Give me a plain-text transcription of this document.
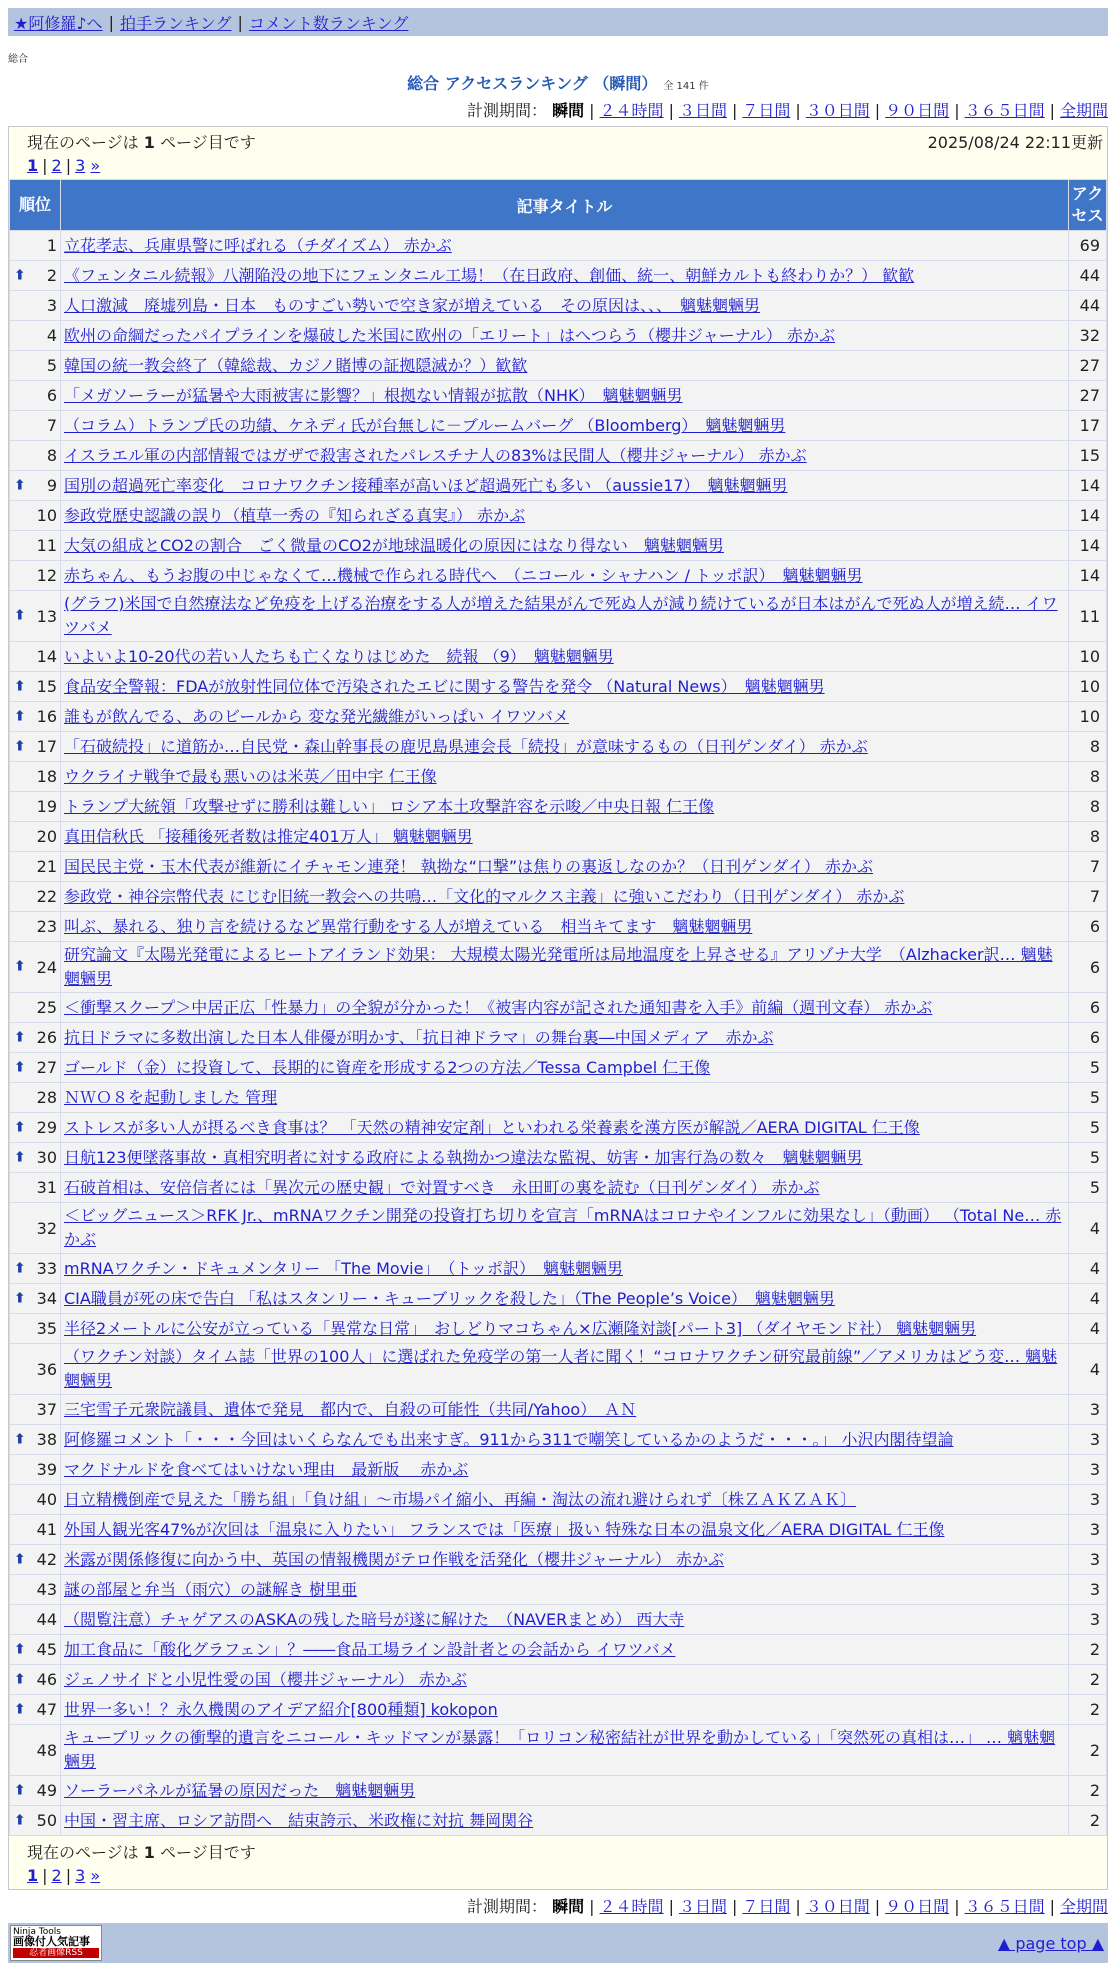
★阿修羅♪へ | 拍手ランキング | コメント数ランキング
総合
総合 アクセスランキング （瞬間） 全 141 件
計測期間： 瞬間 | ２４時間 | ３日間 | ７日間 | ３０日間 | ９０日間 | ３６５日間 | 全期間
現在のページは 1 ページ目です	2025/08/24 22:11更新
1 | 2 | 3 »
順位	記事タイトル	アクセス
1	立花孝志、兵庫県警に呼ばれる（チダイズム） 赤かぶ	69

⬆ 2	《フェンタニル続報》八潮陥没の地下にフェンタニル工場！（在日政府、創価、統一、朝鮮カルトも終わりか？） 歓歓	44
3	人口激減　廃墟列島・日本　ものすごい勢いで空き家が増えている　その原因は、、、　魑魅魍魎男	44
4	欧州の命綱だったパイプラインを爆破した米国に欧州の「エリート」はへつらう（櫻井ジャーナル） 赤かぶ	32
5	韓国の統一教会終了（韓総裁、カジノ賭博の証拠隠滅か？）歓歓	27
6	「メガソーラーが猛暑や大雨被害に影響？」根拠ない情報が拡散（NHK）　魑魅魍魎男	27
7	（コラム）トランプ氏の功績、ケネディ氏が台無しに－ブルームバーグ （Bloomberg）　魑魅魍魎男	17
8	イスラエル軍の内部情報ではガザで殺害されたパレスチナ人の83%は民間人（櫻井ジャーナル） 赤かぶ	15

⬆ 9	国別の超過死亡率変化　コロナワクチン接種率が高いほど超過死亡も多い （aussie17）　魑魅魍魎男	14
10	参政党歴史認識の誤り（植草一秀の『知られざる真実』） 赤かぶ	14
11	大気の組成とCO2の割合　ごく微量のCO2が地球温暖化の原因にはなり得ない　魑魅魍魎男	14
12	赤ちゃん、もうお腹の中じゃなくて…機械で作られる時代へ　（ニコール・シャナハン / トッポ訳）　魑魅魍魎男	14

⬆ 13	(グラフ)米国で自然療法など免疫を上げる治療をする人が増えた結果がんで死ぬ人が減り続けているが日本はがんで死ぬ人が増え続… イワツバメ	11
14	いよいよ10-20代の若い人たちも亡くなりはじめた　続報 （9）　魑魅魍魎男	10

⬆ 15	食品安全警報：FDAが放射性同位体で汚染されたエビに関する警告を発令 （Natural News）　魑魅魍魎男	10

⬆ 16	誰もが飲んでる、あのビールから 変な発光繊維がいっぱい イワツバメ	10

⬆ 17	「石破続投」に道筋か…自民党・森山幹事長の鹿児島県連会長「続投」が意味するもの（日刊ゲンダイ） 赤かぶ	8
18	ウクライナ戦争で最も悪いのは米英／田中宇 仁王像	8
19	トランプ大統領「攻撃せずに勝利は難しい」 ロシア本土攻撃許容を示唆／中央日報 仁王像	8
20	真田信秋氏 「接種後死者数は推定401万人」 魑魅魍魎男	8
21	国民民主党・玉木代表が維新にイチャモン連発！ 執拗な“口撃”は焦りの裏返しなのか？（日刊ゲンダイ） 赤かぶ	7
22	参政党・神谷宗幣代表 にじむ旧統一教会への共鳴…「文化的マルクス主義」に強いこだわり（日刊ゲンダイ） 赤かぶ	7
23	叫ぶ、暴れる、独り言を続けるなど異常行動をする人が増えている　相当キてます　魑魅魍魎男	6

⬆ 24	研究論文『太陽光発電によるヒートアイランド効果： 大規模太陽光発電所は局地温度を上昇させる』アリゾナ大学　（Alzhacker訳… 魑魅魍魎男	6
25	＜衝撃スクープ＞中居正広「性暴力」の全貌が分かった！《被害内容が記された通知書を入手》前編（週刊文春） 赤かぶ	6

⬆ 26	抗日ドラマに多数出演した日本人俳優が明かす、「抗日神ドラマ」の舞台裏―中国メディア　赤かぶ	6

⬆ 27	ゴールド（金）に投資して、長期的に資産を形成する2つの方法／Tessa Campbel 仁王像	5
28	ＮＷＯ８を起動しました 管理	5

⬆ 29	ストレスが多い人が摂るべき食事は？ 「天然の精神安定剤」といわれる栄養素を漢方医が解説／AERA DIGITAL 仁王像	5

⬆ 30	日航123便墜落事故・真相究明者に対する政府による執拗かつ違法な監視、妨害・加害行為の数々　魑魅魍魎男	5
31	石破首相は、安倍信者には「異次元の歴史観」で対置すべき　永田町の裏を読む（日刊ゲンダイ） 赤かぶ	5
32	＜ビッグニュース＞RFK Jr.、mRNAワクチン開発の投資打ち切りを宣言「mRNAはコロナやインフルに効果なし」（動画） （Total Ne… 赤かぶ	4

⬆ 33	mRNAワクチン・ドキュメンタリー 「The Movie」　（トッポ訳）　魑魅魍魎男	4

⬆ 34	CIA職員が死の床で告白 「私はスタンリー・キューブリックを殺した」（The People’s Voice）　魑魅魍魎男	4
35	半径2メートルに公安が立っている「異常な日常」　おしどりマコちゃん×広瀬隆対談[パート3] （ダイヤモンド社） 魑魅魍魎男	4
36	（ワクチン対談）タイム誌「世界の100人」に選ばれた免疫学の第一人者に聞く！“コロナワクチン研究最前線”／アメリカはどう変… 魑魅魍魎男	4
37	三宅雪子元衆院議員、遺体で発見　都内で、自殺の可能性（共同/Yahoo）　ＡＮ	3

⬆ 38	阿修羅コメント「・・・今回はいくらなんでも出来すぎ。911から311で嘲笑しているかのようだ・・・。」 小沢内閣待望論	3
39	マクドナルドを食べてはいけない理由　最新版　 赤かぶ	3
40	日立精機倒産で見えた「勝ち組」「負け組」～市場パイ縮小、再編・淘汰の流れ避けられず〔株ＺＡＫＺＡＫ〕	3
41	外国人観光客47%が次回は「温泉に入りたい」 フランスでは「医療」扱い 特殊な日本の温泉文化／AERA DIGITAL 仁王像	3

⬆ 42	米露が関係修復に向かう中、英国の情報機関がテロ作戦を活発化（櫻井ジャーナル） 赤かぶ	3
43	謎の部屋と弁当（雨穴）の謎解き 樹里亜	3
44	（閲覧注意）チャゲアスのASKAの残した暗号が遂に解けた　（NAVERまとめ） 西大寺	3

⬆ 45	加工食品に「酸化グラフェン」？――食品工場ライン設計者との会話から イワツバメ	2

⬆ 46	ジェノサイドと小児性愛の国（櫻井ジャーナル） 赤かぶ	2

⬆ 47	世界一多い！？永久機関のアイデア紹介[800種類] kokopon	2
48	キューブリックの衝撃的遺言をニコール・キッドマンが暴露！「ロリコン秘密結社が世界を動かしている」「突然死の真相は…」 … 魑魅魍魎男	2

⬆ 49	ソーラーパネルが猛暑の原因だった　魑魅魍魎男	2

⬆ 50	中国・習主席、ロシア訪問へ　結束誇示、米政権に対抗 舞岡関谷	2
現在のページは 1 ページ目です
1 | 2 | 3 »
計測期間： 瞬間 | ２４時間 | ３日間 | ７日間 | ３０日間 | ９０日間 | ３６５日間 | 全期間
Ninja Tools
画像付人気記事
忍者画像RSS
▲ page top ▲
